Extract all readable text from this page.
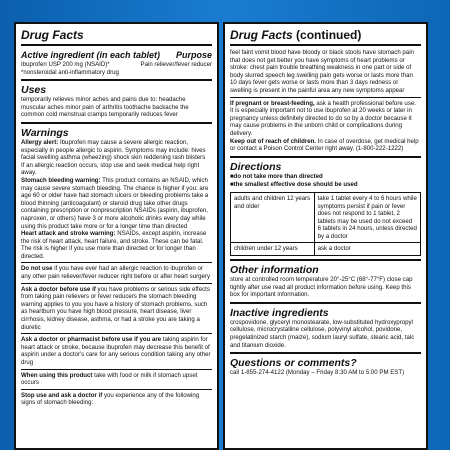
Drug Facts
Active ingredient (in each tablet) Purpose
Ibuprofen USP 200 mg (NSAID)*	Pain reliever/fever reducer
*nonsteroidal anti-inflammatory drug
Uses
temporarily relieves minor aches and pains due to: headache muscular aches minor pain of arthritis toothache backache the common cold menstrual cramps temporarily reduces fever
Warnings
Allergy alert: Ibuprofen may cause a severe allergic reaction, especially in people allergic to aspirin. Symptoms may include: hives facial swelling asthma (wheezing) shock skin reddening rash blisters
If an allergic reaction occurs, stop use and seek medical help right away.
Stomach bleeding warning: This product contains an NSAID, which may cause severe stomach bleeding. The chance is higher if you: are age 60 or older have had stomach ulcers or bleeding problems take a blood thinning (anticoagulant) or steroid drug take other drugs containing prescription or nonprescription NSAIDs (aspirin, ibuprofen, naproxen, or others) have 3 or more alcoholic drinks every day while using this product take more or for a longer time than directed
Heart attack and stroke warning: NSAIDs, except aspirin, increase the risk of heart attack, heart failure, and stroke. These can be fatal. The risk is higher if you use more than directed or for longer than directed.
Do not use if you have ever had an allergic reaction to ibuprofen or any other pain reliever/fever reducer right before or after heart surgery
Ask a doctor before use if you have problems or serious side effects from taking pain relievers or fever reducers the stomach bleeding warning applies to you you have a history of stomach problems, such as heartburn you have high blood pressure, heart disease, liver cirrhosis, kidney disease, asthma, or had a stroke you are taking a diuretic
Ask a doctor or pharmacist before use if you are taking aspirin for heart attack or stroke, because ibuprofen may decrease this benefit of aspirin under a doctor's care for any serious condition taking any other drug
When using this product take with food or milk if stomach upset occurs
Stop use and ask a doctor if you experience any of the following signs of stomach bleeding:
Drug Facts (continued)
feel faint vomit blood have bloody or black stools have stomach pain that does not get better you have symptoms of heart problems or stroke: chest pain trouble breathing weakness in one part or side of body slurred speech leg swelling pain gets worse or lasts more than 10 days fever gets worse or lasts more than 3 days redness or swelling is present in the painful area any new symptoms appear
If pregnant or breast-feeding, ask a health professional before use. It is especially important not to use ibuprofen at 20 weeks or later in pregnancy unless definitely directed to do so by a doctor because it may cause problems in the unborn child or complications during delivery.
Keep out of reach of children. In case of overdose, get medical help or contact a Poison Control Center right away. (1-800-222-1222)
Directions
■ do not take more than directed
■ the smallest effective dose should be used
adults and children 12 years and older	take 1 tablet every 4 to 6 hours while symptoms persist if pain or fever does not respond to 1 tablet, 2 tablets may be used do not exceed 6 tablets in 24 hours, unless directed by a doctor
children under 12 years	ask a doctor
Other information
store at controlled room temperature 20°-25°C (68°-77°F) close cap tightly after use read all product information before using. Keep this box for important information.
Inactive ingredients
crospovidone, glyceryl monostearate, low-substituted hydroxypropyl cellulose, microcrystalline cellulose, polyvinyl alcohol, povidone, pregelatinized starch (maize), sodium lauryl sulfate, stearic acid, talc and titanium dioxide.
Questions or comments?
call 1-855-274-4122 (Monday – Friday 8:30 AM to 5:00 PM EST)
